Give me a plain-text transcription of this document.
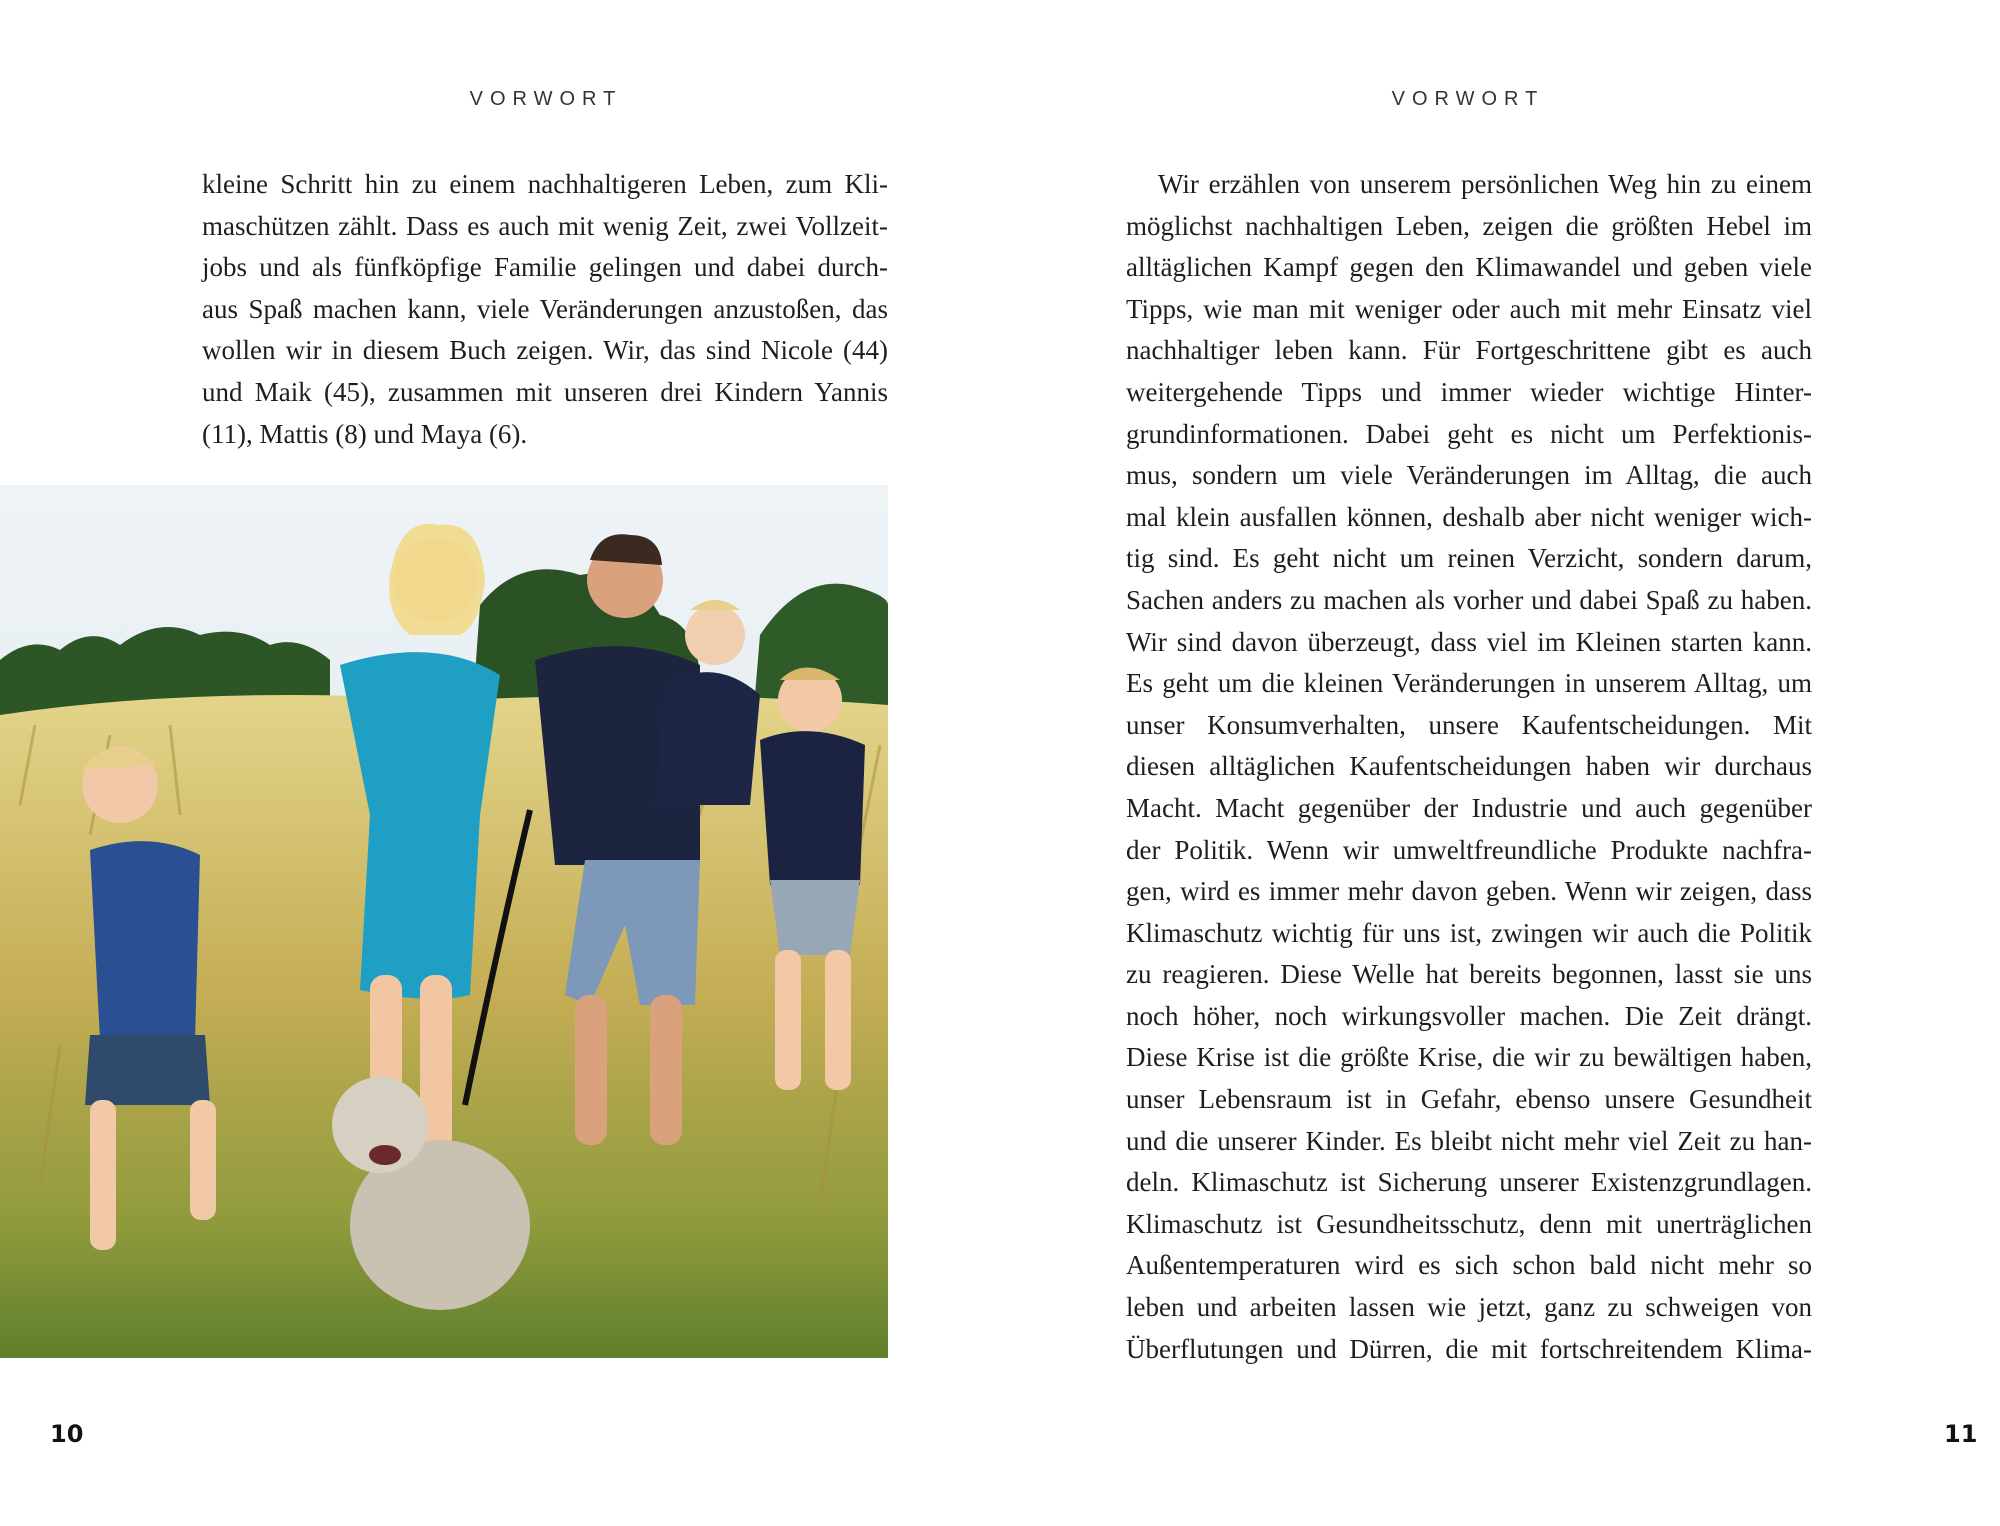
VORWORT
kleine Schritt hin zu einem nachhaltigeren Leben, zum Kli-
maschützen zählt. Dass es auch mit wenig Zeit, zwei Vollzeit-
jobs und als fünfköpfige Familie gelingen und dabei durch-
aus Spaß machen kann, viele Veränderungen anzustoßen, das
wollen wir in diesem Buch zeigen. Wir, das sind Nicole (44)
und Maik (45), zusammen mit unseren drei Kindern Yannis
(11), Mattis (8) und Maya (6).
10
VORWORT
Wir erzählen von unserem persönlichen Weg hin zu einem
möglichst nachhaltigen Leben, zeigen die größten Hebel im
alltäglichen Kampf gegen den Klimawandel und geben viele
Tipps, wie man mit weniger oder auch mit mehr Einsatz viel
nachhaltiger leben kann. Für Fortgeschrittene gibt es auch
weitergehende Tipps und immer wieder wichtige Hinter-
grundinformationen. Dabei geht es nicht um Perfektionis-
mus, sondern um viele Veränderungen im Alltag, die auch
mal klein ausfallen können, deshalb aber nicht weniger wich-
tig sind. Es geht nicht um reinen Verzicht, sondern darum,
Sachen anders zu machen als vorher und dabei Spaß zu haben.
Wir sind davon überzeugt, dass viel im Kleinen starten kann.
Es geht um die kleinen Veränderungen in unserem Alltag, um
unser Konsumverhalten, unsere Kaufentscheidungen. Mit
diesen alltäglichen Kaufentscheidungen haben wir durchaus
Macht. Macht gegenüber der Industrie und auch gegenüber
der Politik. Wenn wir umweltfreundliche Produkte nachfra-
gen, wird es immer mehr davon geben. Wenn wir zeigen, dass
Klimaschutz wichtig für uns ist, zwingen wir auch die Politik
zu reagieren. Diese Welle hat bereits begonnen, lasst sie uns
noch höher, noch wirkungsvoller machen. Die Zeit drängt.
Diese Krise ist die größte Krise, die wir zu bewältigen haben,
unser Lebensraum ist in Gefahr, ebenso unsere Gesundheit
und die unserer Kinder. Es bleibt nicht mehr viel Zeit zu han-
deln. Klimaschutz ist Sicherung unserer Existenzgrundlagen.
Klimaschutz ist Gesundheitsschutz, denn mit unerträglichen
Außentemperaturen wird es sich schon bald nicht mehr so
leben und arbeiten lassen wie jetzt, ganz zu schweigen von
Überflutungen und Dürren, die mit fortschreitendem Klima-
11
